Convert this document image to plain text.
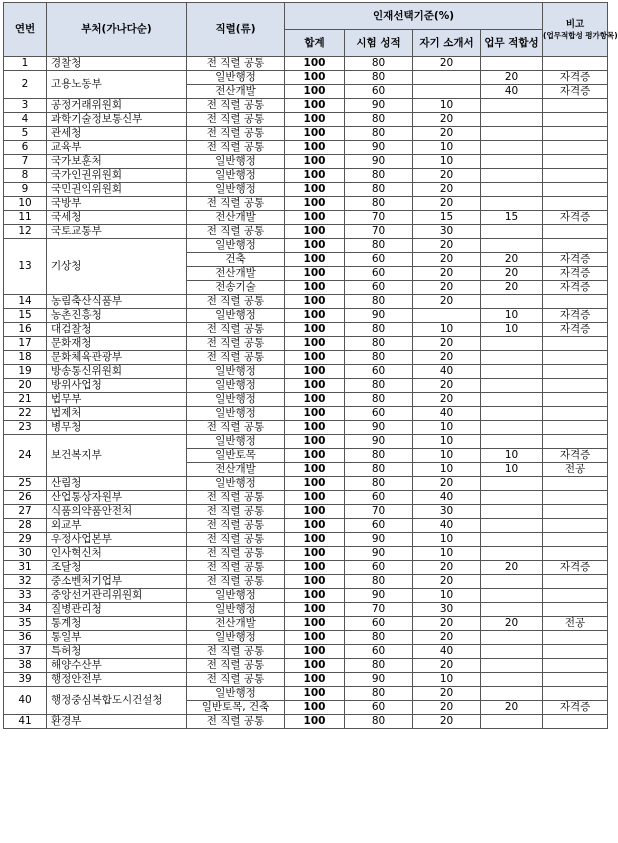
연번	부처(가나다순)	직렬(류)	인재선택기준(%)				비고
(업무적합성 평가항목)

			합계	시험 성적	자기 소개서	업무 적합성	
1	경찰청	전 직렬 공통	100	80	20		
2	고용노동부	일반행정	100	80		20	자격증
		전산개발	100	60		40	자격증
3	공정거래위원회	전 직렬 공통	100	90	10		
4	과학기술정보통신부	전 직렬 공통	100	80	20		
5	관세청	전 직렬 공통	100	80	20		
6	교육부	전 직렬 공통	100	90	10		
7	국가보훈처	일반행정	100	90	10		
8	국가인권위원회	일반행정	100	80	20		
9	국민권익위원회	일반행정	100	80	20		
10	국방부	전 직렬 공통	100	80	20		
11	국세청	전산개발	100	70	15	15	자격증
12	국토교통부	전 직렬 공통	100	70	30		
13	기상청	일반행정	100	80	20		
		건축	100	60	20	20	자격증
		전산개발	100	60	20	20	자격증
		전송기술	100	60	20	20	자격증
14	농림축산식품부	전 직렬 공통	100	80	20		
15	농촌진흥청	일반행정	100	90		10	자격증
16	대검찰청	전 직렬 공통	100	80	10	10	자격증
17	문화재청	전 직렬 공통	100	80	20		
18	문화체육관광부	전 직렬 공통	100	80	20		
19	방송통신위원회	일반행정	100	60	40		
20	방위사업청	일반행정	100	80	20		
21	법무부	일반행정	100	80	20		
22	법제처	일반행정	100	60	40		
23	병무청	전 직렬 공통	100	90	10		
24	보건복지부	일반행정	100	90	10		
		일반토목	100	80	10	10	자격증
		전산개발	100	80	10	10	전공
25	산림청	일반행정	100	80	20		
26	산업통상자원부	전 직렬 공통	100	60	40		
27	식품의약품안전처	전 직렬 공통	100	70	30		
28	외교부	전 직렬 공통	100	60	40		
29	우정사업본부	전 직렬 공통	100	90	10		
30	인사혁신처	전 직렬 공통	100	90	10		
31	조달청	전 직렬 공통	100	60	20	20	자격증
32	중소벤처기업부	전 직렬 공통	100	80	20		
33	중앙선거관리위원회	일반행정	100	90	10		
34	질병관리청	일반행정	100	70	30		
35	통계청	전산개발	100	60	20	20	전공
36	통일부	일반행정	100	80	20		
37	특허청	전 직렬 공통	100	60	40		
38	해양수산부	전 직렬 공통	100	80	20		
39	행정안전부	전 직렬 공통	100	90	10		
40	행정중심복합도시건설청	일반행정	100	80	20		
		일반토목, 건축	100	60	20	20	자격증
41	환경부	전 직렬 공통	100	80	20		
